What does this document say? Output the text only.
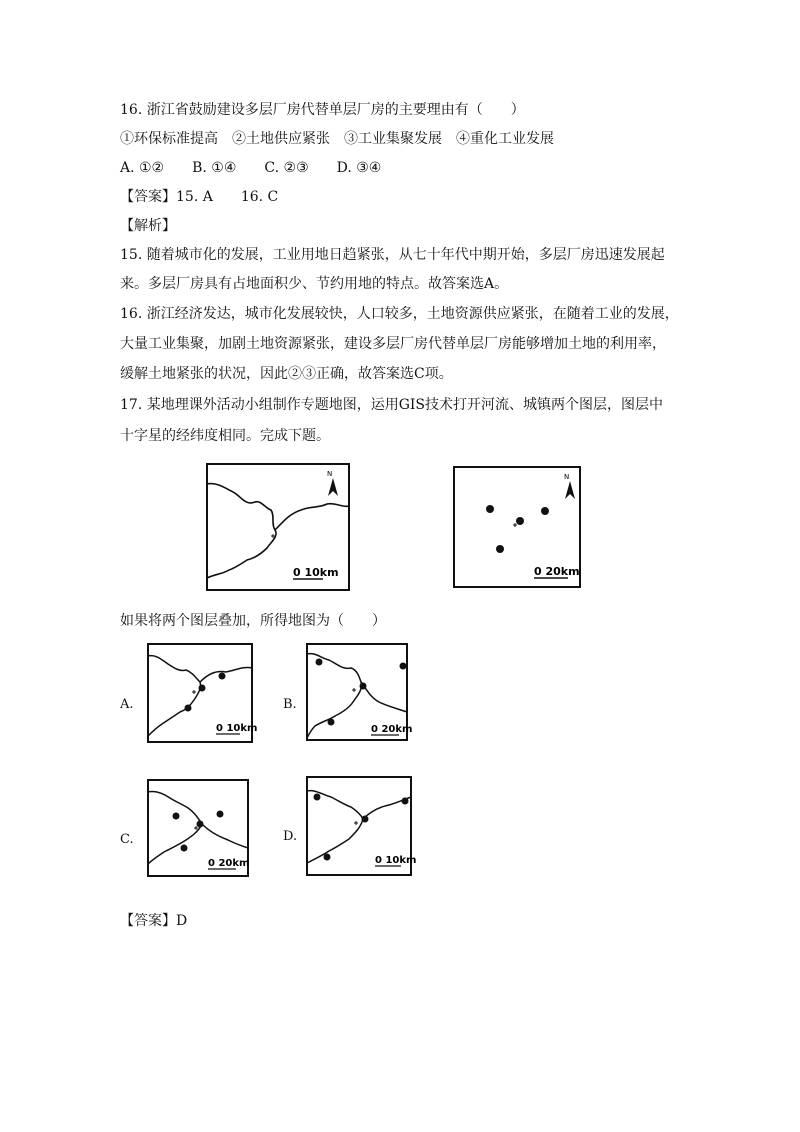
16. 浙江省鼓励建设多层厂房代替单层厂房的主要理由有（　　）
①环保标准提高　②土地供应紧张　③工业集聚发展　④重化工业发展
A. ①②　　B. ①④　　C. ②③　　D. ③④
【答案】15. A　　16. C
【解析】
15. 随着城市化的发展，工业用地日趋紧张，从七十年代中期开始，多层厂房迅速发展起
来。多层厂房具有占地面积少、节约用地的特点。故答案选A。
16. 浙江经济发达，城市化发展较快，人口较多，土地资源供应紧张，在随着工业的发展，
大量工业集聚，加剧土地资源紧张，建设多层厂房代替单层厂房能够增加土地的利用率，
缓解土地紧张的状况，因此②③正确，故答案选C项。
17. 某地理课外活动小组制作专题地图，运用GIS技术打开河流、城镇两个图层，图层中
十字星的经纬度相同。完成下题。
N
0 10km
N
0 20km
如果将两个图层叠加，所得地图为（　　）
A.
0 10km
B.
0 20km
C.
0 20km
D.
0 10km
【答案】D
